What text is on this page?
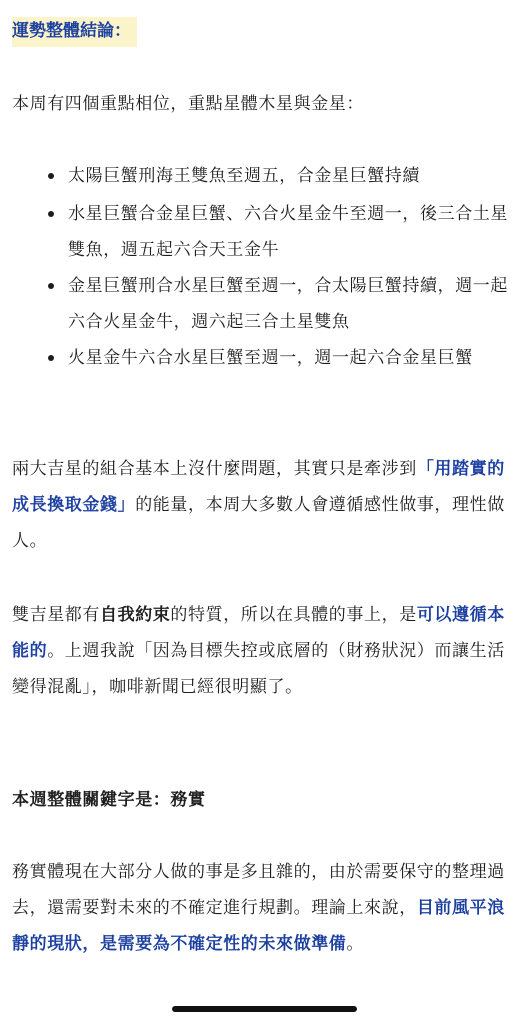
運勢整體結論：

本周有四個重點相位，重點星體木星與金星：

太陽巨蟹刑海王雙魚至週五，合金星巨蟹持續
水星巨蟹合金星巨蟹、六合火星金牛至週一，後三合土星雙魚，週五起六合天王金牛
金星巨蟹刑合水星巨蟹至週一，合太陽巨蟹持續，週一起六合火星金牛，週六起三合土星雙魚
火星金牛六合水星巨蟹至週一，週一起六合金星巨蟹

兩大吉星的組合基本上沒什麼問題，其實只是牽涉到「用踏實的成長換取金錢」的能量，本周大多數人會遵循感性做事，理性做人。

雙吉星都有自我約束的特質，所以在具體的事上，是可以遵循本能的。上週我說「因為目標失控或底層的（財務狀況）而讓生活變得混亂」，咖啡新聞已經很明顯了。

本週整體關鍵字是：務實

務實體現在大部分人做的事是多且雜的，由於需要保守的整理過去，還需要對未來的不確定進行規劃。理論上來說，目前風平浪靜的現狀，是需要為不確定性的未來做準備。
